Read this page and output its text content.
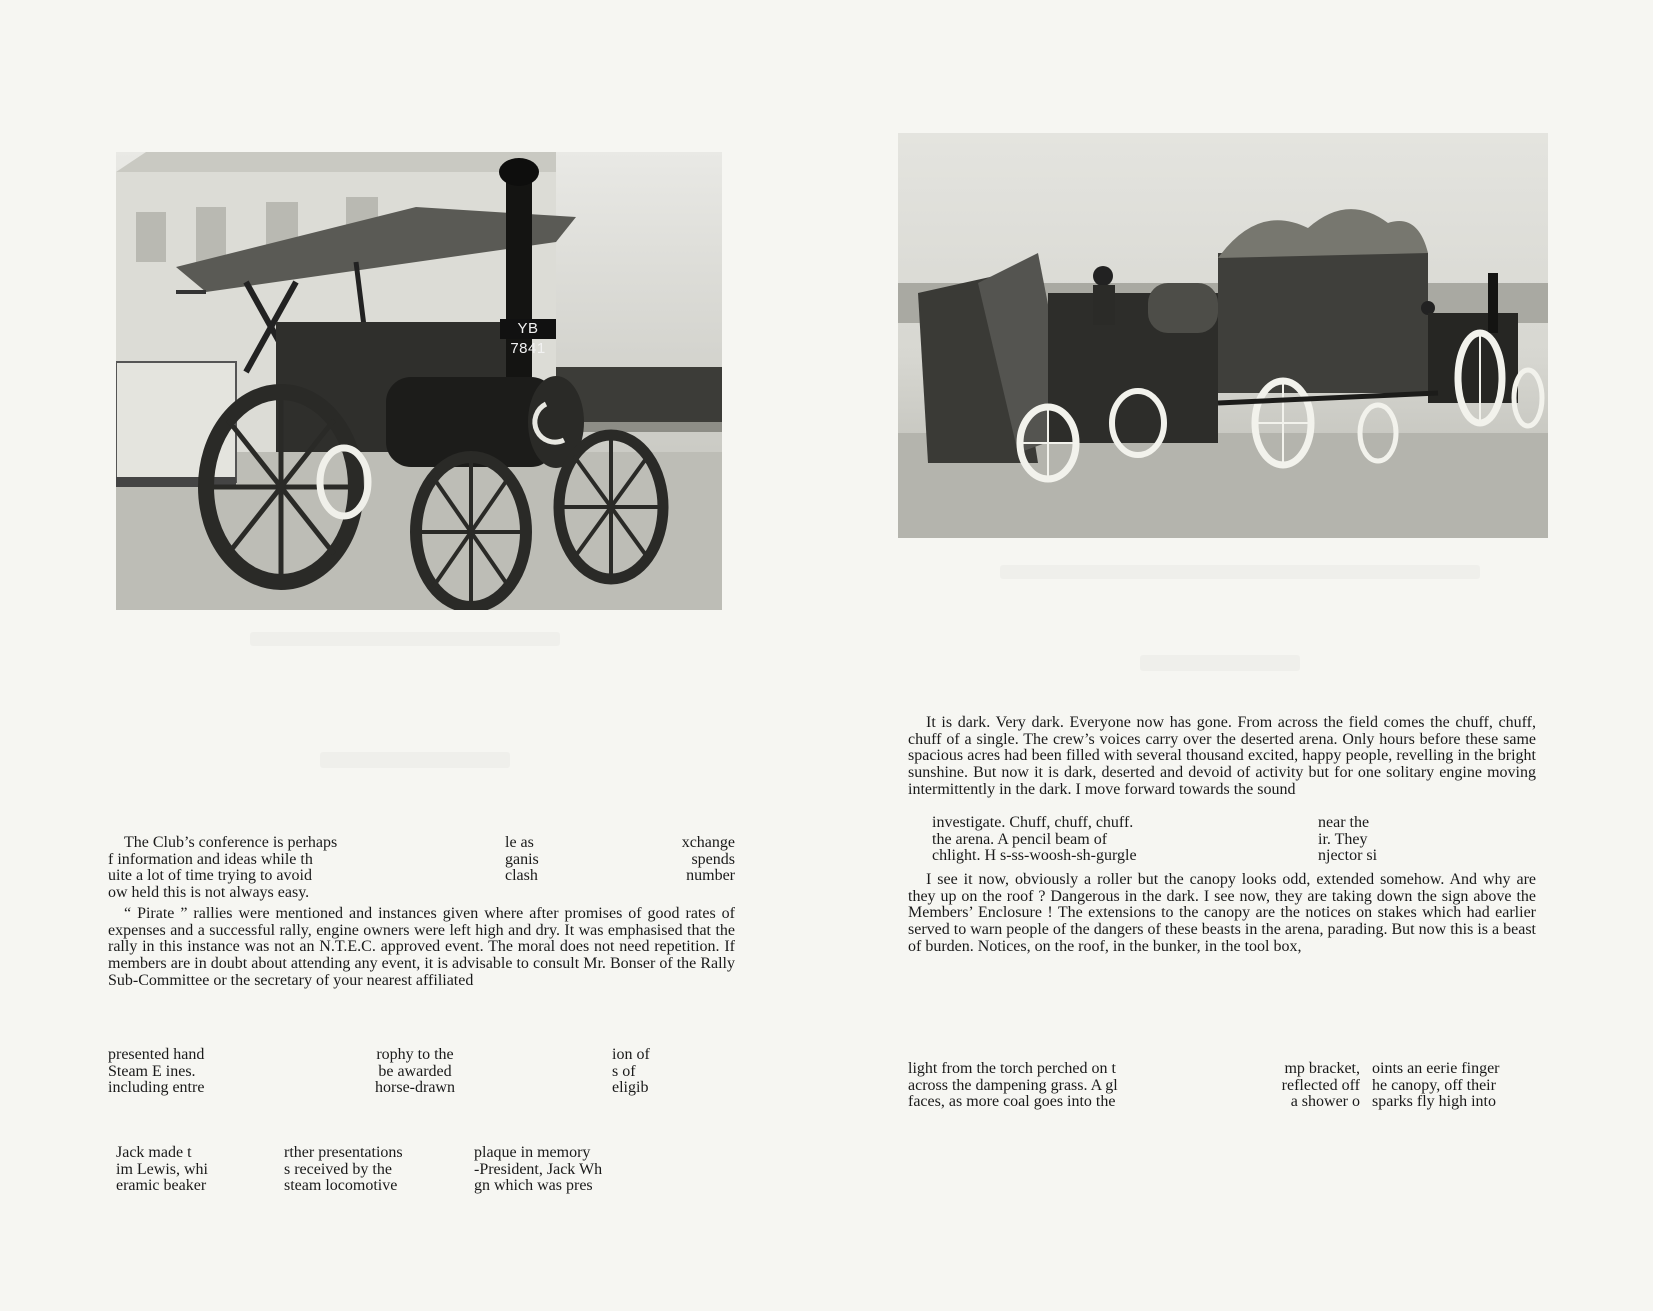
YB 7841

The Club’s conference is perhaps
f information and ideas while th
uite a lot of time trying to avoid
ow held this is not always easy.

le as
ganis
clash

xchange
spends
number

“ Pirate ” rallies were mentioned and instances given where after promises of good rates of expenses and a successful rally, engine owners were left high and dry. It was emphasised that the rally in this instance was not an N.T.E.C. approved event. The moral does not need repetition. If members are in doubt about attending any event, it is advisable to consult Mr. Bonser of the Rally Sub-Committee or the secretary of your nearest affiliated

presented hand
Steam E ines.
including entre

rophy to the
be awarded
horse-drawn

ion of
s of
eligib

Jack made t
im Lewis, whi
eramic beaker

rther presentations
s received by the
steam locomotive

plaque in memory
-President, Jack Wh
gn which was pres

It is dark. Very dark. Everyone now has gone. From across the field comes the chuff, chuff, chuff of a single. The crew’s voices carry over the deserted arena. Only hours before these same spacious acres had been filled with several thousand excited, happy people, revelling in the bright sunshine. But now it is dark, deserted and devoid of activity but for one solitary engine moving intermittently in the dark. I move forward towards the sound

investigate. Chuff, chuff, chuff.
the arena. A pencil beam of
chlight. H s-ss-woosh-sh-gurgle

near the
ir. They
njector si

I see it now, obviously a roller but the canopy looks odd, extended somehow. And why are they up on the roof ? Dangerous in the dark. I see now, they are taking down the sign above the Members’ Enclosure ! The extensions to the canopy are the notices on stakes which had earlier served to warn people of the dangers of these beasts in the arena, parading. But now this is a beast of burden. Notices, on the roof, in the bunker, in the tool box,

light from the torch perched on t
across the dampening grass. A gl
faces, as more coal goes into the

mp bracket,
reflected off
a shower o

oints an eerie finger
he canopy, off their
sparks fly high into
